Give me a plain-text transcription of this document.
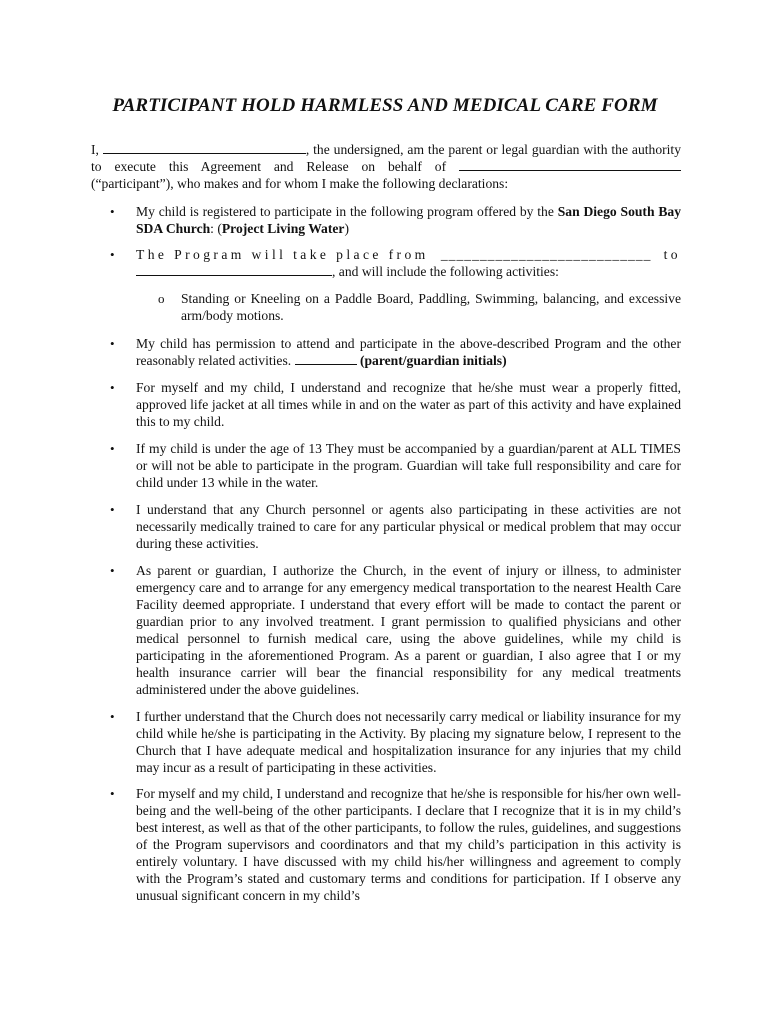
PARTICIPANT HOLD HARMLESS AND MEDICAL CARE FORM
I,	, the undersigned, am the parent or legal guardian with the authority to execute this Agreement and Release on behalf of  (“participant”), who makes and for whom I make the following declarations:
•	My child is registered to participate in the following program offered by the San Diego South Bay SDA Church: (Project Living Water)
•	The Program will take place from ___________________________ to
, and will include the following activities:
•	My child has permission to attend and participate in the above-described Program and the other reasonably related activities.	(parent/guardian initials)
•	For myself and my child, I understand and recognize that he/she must wear a properly fitted, approved life jacket at all times while in and on the water as part of this activity and have explained this to my child.
•	If my child is under the age of 13 They must be accompanied by a guardian/parent at ALL TIMES or will not be able to participate in the program. Guardian will take full responsibility and care for child under 13 while in the water.
•	I understand that any Church personnel or agents also participating in these activities are not necessarily medically trained to care for any particular physical or medical problem that may occur during these activities.
•	As parent or guardian, I authorize the Church, in the event of injury or illness, to administer emergency care and to arrange for any emergency medical transportation to the nearest Health Care Facility deemed appropriate. I understand that every effort will be made to contact the parent or guardian prior to any involved treatment. I grant permission to qualified physicians and other medical personnel to furnish medical care, using the above guidelines, while my child is participating in the aforementioned Program. As a parent or guardian, I also agree that I or my health insurance carrier will bear the financial responsibility for any medical treatments administered under the above guidelines.
•	I further understand that the Church does not necessarily carry medical or liability insurance for my child while he/she is participating in the Activity. By placing my signature below, I represent to the Church that I have adequate medical and hospitalization insurance for any injuries that my child may incur as a result of participating in these activities.
•	For myself and my child, I understand and recognize that he/she is responsible for his/her own well-being and the well-being of the other participants. I declare that I recognize that it is in my child’s best interest, as well as that of the other participants, to follow the rules, guidelines, and suggestions of the Program supervisors and coordinators and that my child’s participation in this activity is entirely voluntary. I have discussed with my child his/her willingness and agreement to comply with the Program’s stated and customary terms and conditions for participation. If I observe any unusual significant concern in my child’s
o Standing or Kneeling on a Paddle Board, Paddling, Swimming, balancing, and excessive arm/body motions.
